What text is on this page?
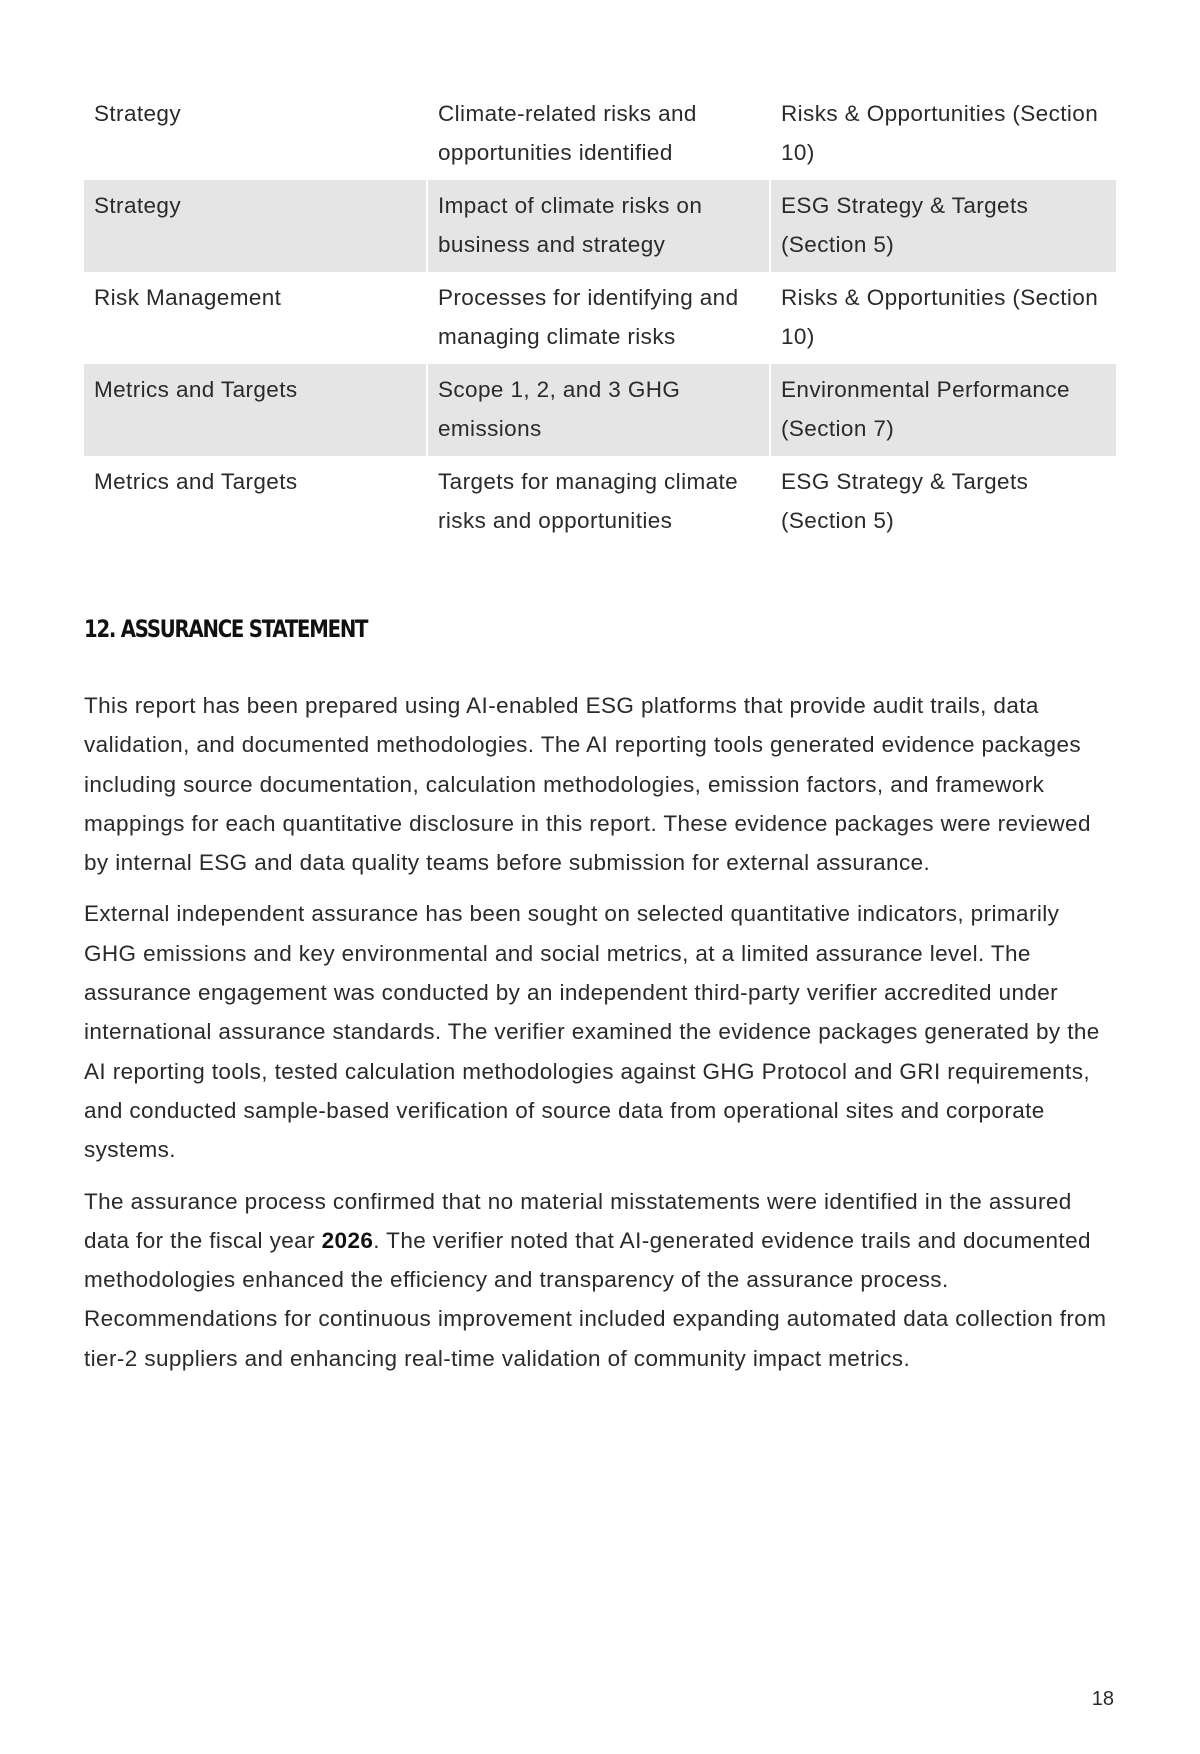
Strategy	Climate-related risks and opportunities identified	Risks & Opportunities (Section 10)
Strategy	Impact of climate risks on business and strategy	ESG Strategy & Targets (Section 5)
Risk Management	Processes for identifying and managing climate risks	Risks & Opportunities (Section 10)
Metrics and Targets	Scope 1, 2, and 3 GHG emissions	Environmental Performance (Section 7)
Metrics and Targets	Targets for managing climate risks and opportunities	ESG Strategy & Targets (Section 5)
12. ASSURANCE STATEMENT

This report has been prepared using AI-enabled ESG platforms that provide audit trails, data validation, and documented methodologies. The AI reporting tools generated evidence packages including source documentation, calculation methodologies, emission factors, and framework mappings for each quantitative disclosure in this report. These evidence packages were reviewed by internal ESG and data quality teams before submission for external assurance.

External independent assurance has been sought on selected quantitative indicators, primarily GHG emissions and key environmental and social metrics, at a limited assurance level. The assurance engagement was conducted by an independent third-party verifier accredited under international assurance standards. The verifier examined the evidence packages generated by the AI reporting tools, tested calculation methodologies against GHG Protocol and GRI requirements, and conducted sample-based verification of source data from operational sites and corporate systems.

The assurance process confirmed that no material misstatements were identified in the assured data for the fiscal year 2026. The verifier noted that AI-generated evidence trails and documented methodologies enhanced the efficiency and transparency of the assurance process. Recommendations for continuous improvement included expanding automated data collection from tier-2 suppliers and enhancing real-time validation of community impact metrics.

18
